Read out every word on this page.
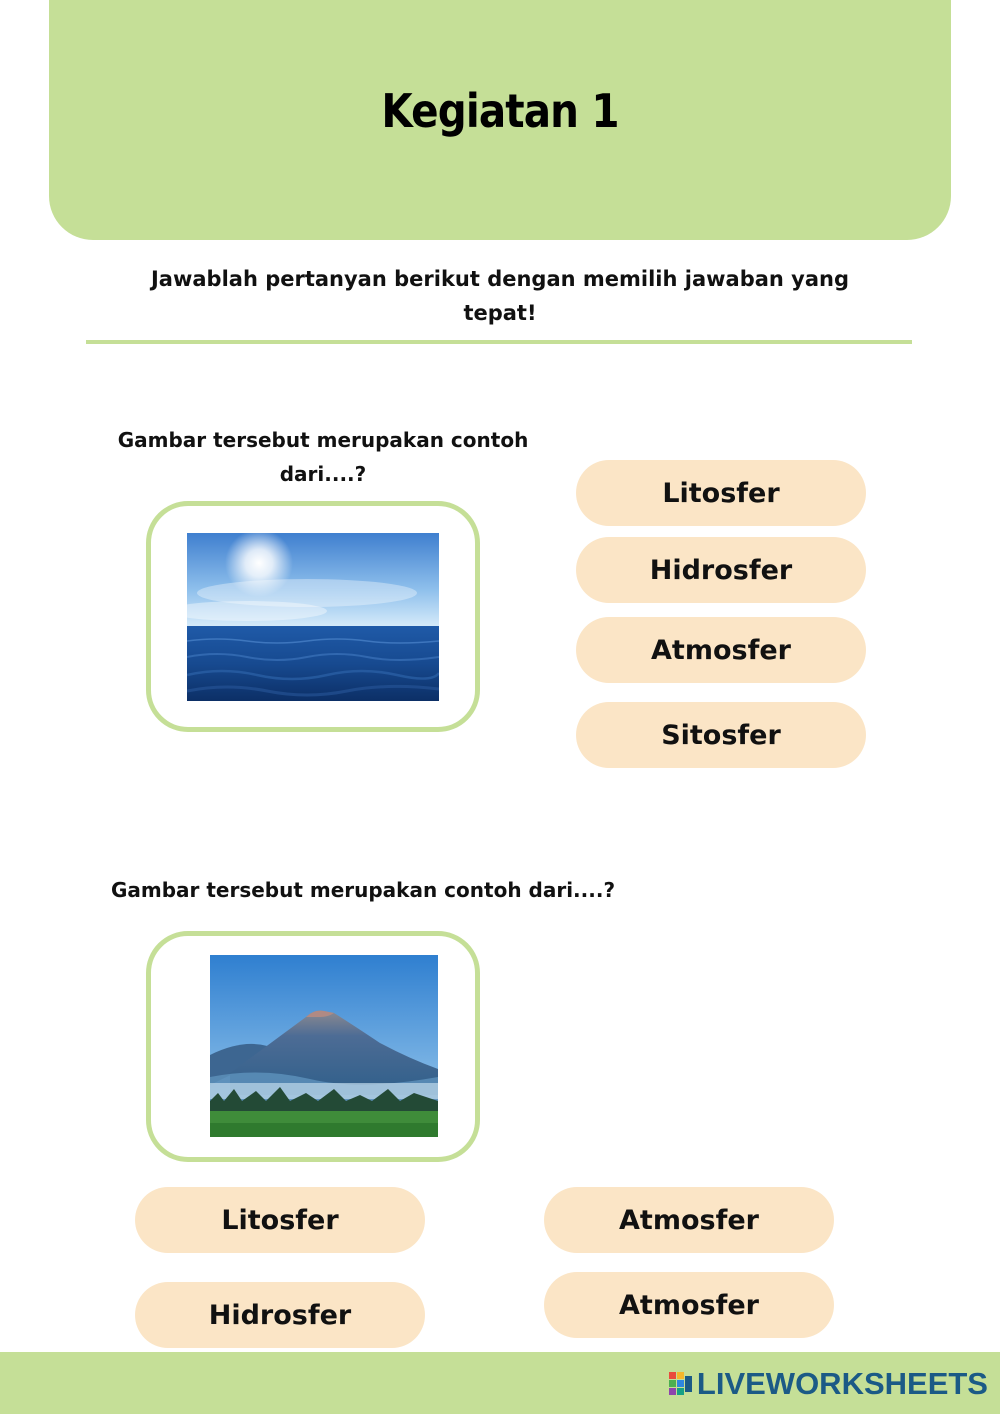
Kegiatan 1

Jawablah pertanyan berikut dengan memilih jawaban yang tepat!

Gambar tersebut merupakan contoh dari....?

Litosfer
Hidrosfer
Atmosfer
Sitosfer

Gambar tersebut merupakan contoh dari....?

Litosfer	Atmosfer
Hidrosfer	Atmosfer
LIVEWORKSHEETS
